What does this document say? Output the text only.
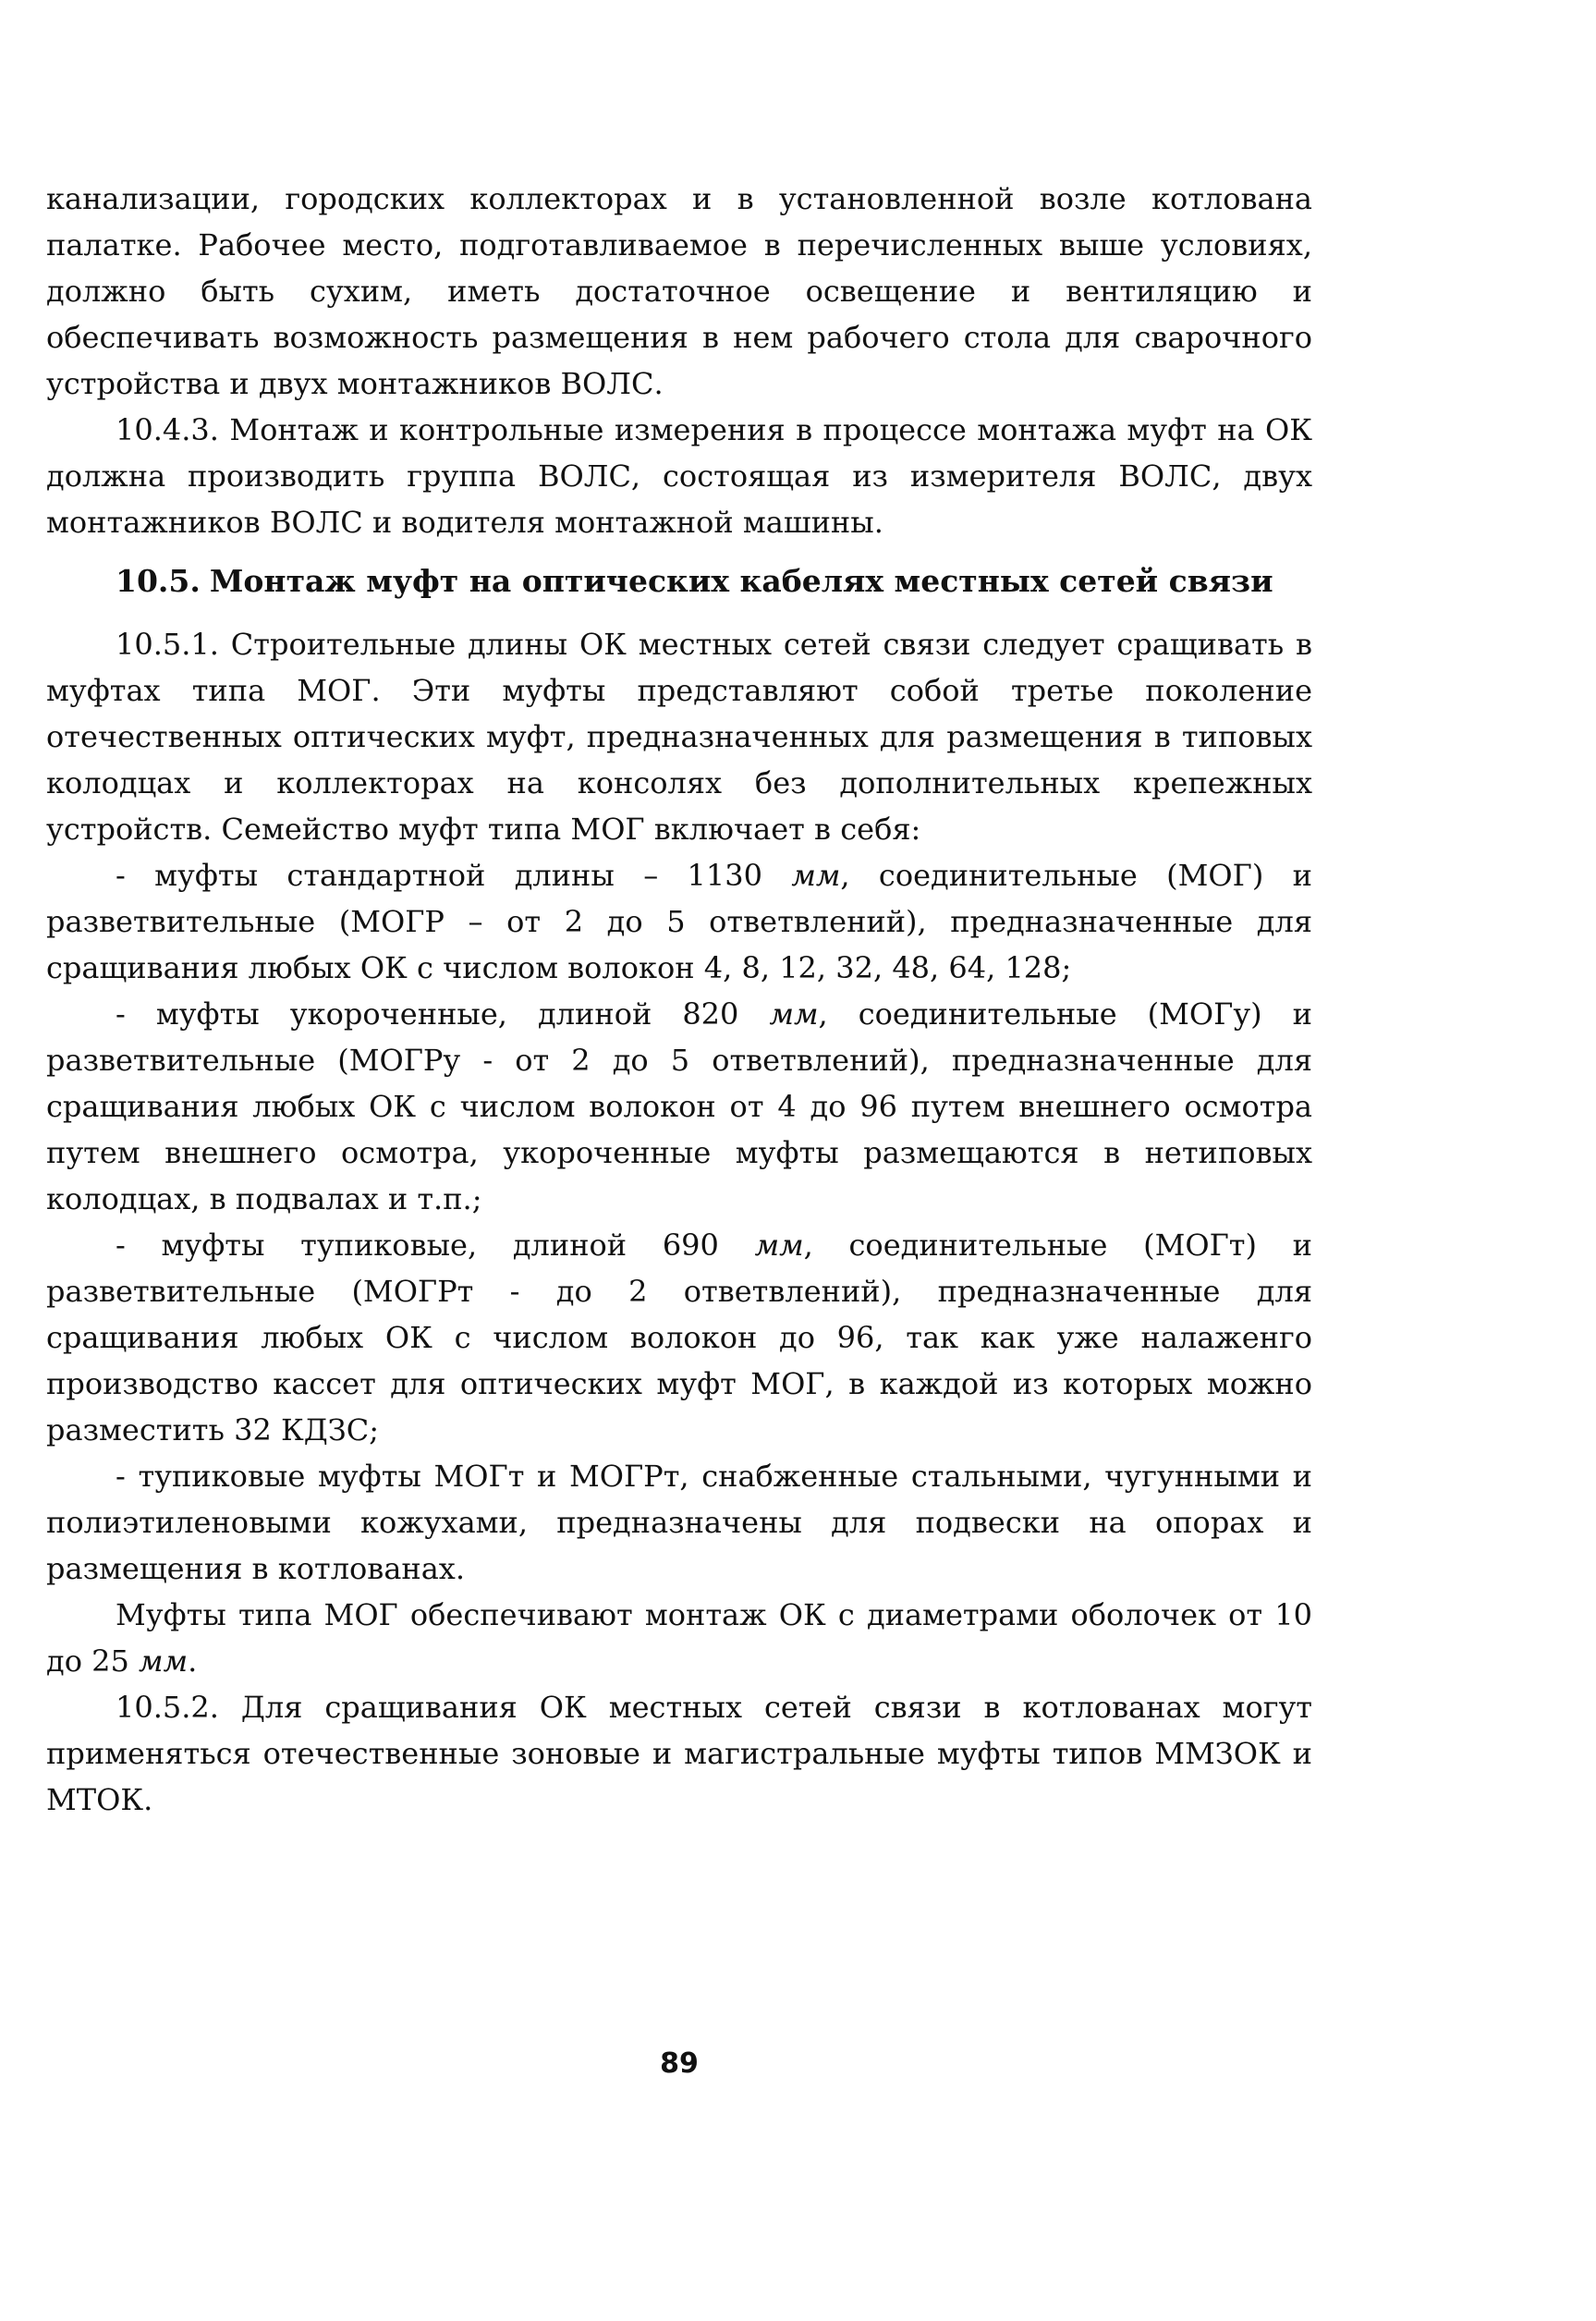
канализации, городских коллекторах и в установленной возле котлована палатке. Рабочее место, подготавливаемое в перечисленных выше условиях, должно быть сухим, иметь достаточное освещение и вентиляцию и обеспечивать возможность размещения в нем рабочего стола для сварочного устройства и двух монтажников ВОЛС.

10.4.3. Монтаж и контрольные измерения в процессе монтажа муфт на ОК должна производить группа ВОЛС, состоящая из измерителя ВОЛС, двух монтажников ВОЛС и водителя монтажной машины.

10.5. Монтаж муфт на оптических кабелях местных сетей связи

10.5.1. Строительные длины ОК местных сетей связи следует сращивать в муфтах типа МОГ. Эти муфты представляют собой третье поколение отечественных оптических муфт, предназначенных для размещения в типовых колодцах и коллекторах на консолях без дополнительных крепежных устройств. Семейство муфт типа МОГ включает в себя:

- муфты стандартной длины – 1130 мм, соединительные (МОГ) и разветвительные (МОГР – от 2 до 5 ответвлений), предназначенные для сращивания любых ОК с числом волокон 4, 8, 12, 32, 48, 64, 128;

- муфты укороченные, длиной 820 мм, соединительные (МОГу) и разветвительные (МОГРу - от 2 до 5 ответвлений), предназначенные для сращивания любых ОК с числом волокон от 4 до 96 путем внешнего осмотра путем внешнего осмотра, укороченные муфты размещаются в нетиповых колодцах, в подвалах и т.п.;

- муфты тупиковые, длиной 690 мм, соединительные (МОГт) и разветвительные (МОГРт - до 2 ответвлений), предназначенные для сращивания любых ОК с числом волокон до 96, так как уже налаженго производство кассет для оптических муфт МОГ, в каждой из которых можно разместить 32 КДЗС;

- тупиковые муфты МОГт и МОГРт, снабженные стальными, чугунными и полиэтиленовыми кожухами, предназначены для подвески на опорах и размещения в котлованах.

Муфты типа МОГ обеспечивают монтаж ОК с диаметрами оболочек от 10 до 25 мм.

10.5.2. Для сращивания ОК местных сетей связи в котлованах могут применяться отечественные зоновые и магистральные муфты типов ММЗОК и МТОК.

89
